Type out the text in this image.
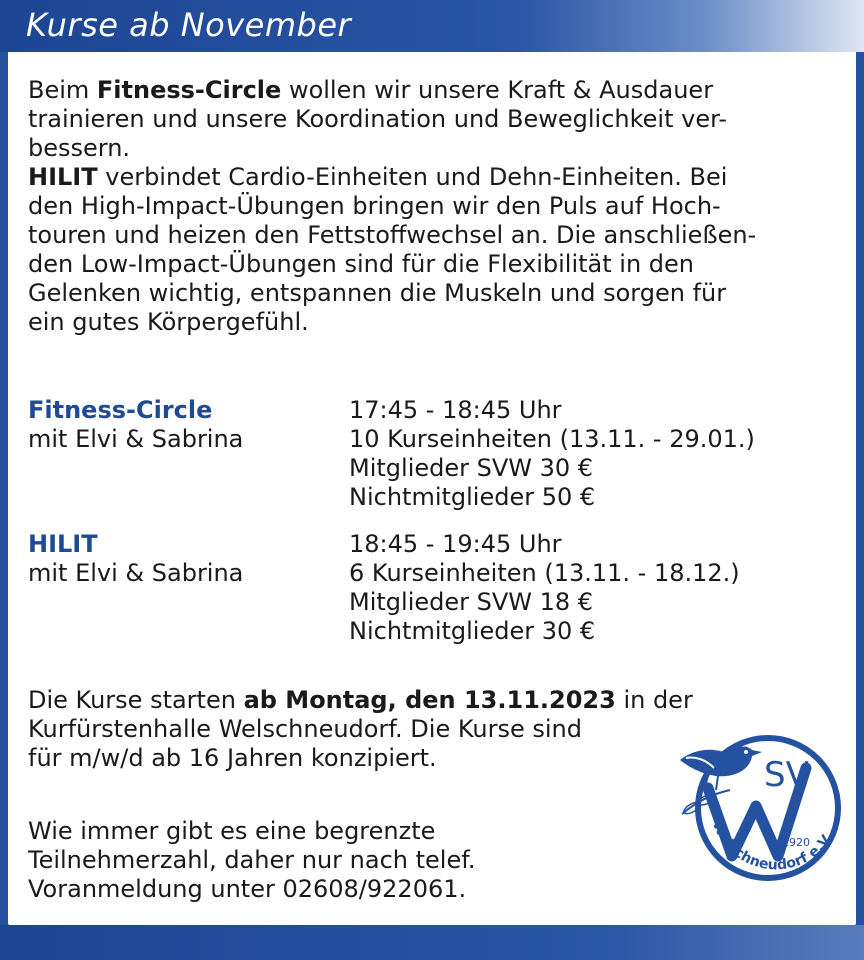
Kurse ab November
Beim Fitness-Circle wollen wir unsere Kraft & Ausdauer
trainieren und unsere Koordination und Beweglichkeit ver-
bessern.
HILIT verbindet Cardio-Einheiten und Dehn-Einheiten. Bei
den High-Impact-Übungen bringen wir den Puls auf Hoch-
touren und heizen den Fettstoffwechsel an. Die anschließen-
den Low-Impact-Übungen sind für die Flexibilität in den
Gelenken wichtig, entspannen die Muskeln und sorgen für
ein gutes Körpergefühl.
Fitness-Circle
mit Elvi & Sabrina
17:45 - 18:45 Uhr
10 Kurseinheiten (13.11. - 29.01.)
Mitglieder SVW 30 €
Nichtmitglieder 50 €
HILIT
mit Elvi & Sabrina
18:45 - 19:45 Uhr
6 Kurseinheiten (13.11. - 18.12.)
Mitglieder SVW 18 €
Nichtmitglieder 30 €
Die Kurse starten ab Montag, den 13.11.2023 in der
Kurfürstenhalle Welschneudorf. Die Kurse sind
für m/w/d ab 16 Jahren konzipiert.
Wie immer gibt es eine begrenzte
Teilnehmerzahl, daher nur nach telef.
Voranmeldung unter 02608/922061.
SV
1920
Welschneudorf e.V.
